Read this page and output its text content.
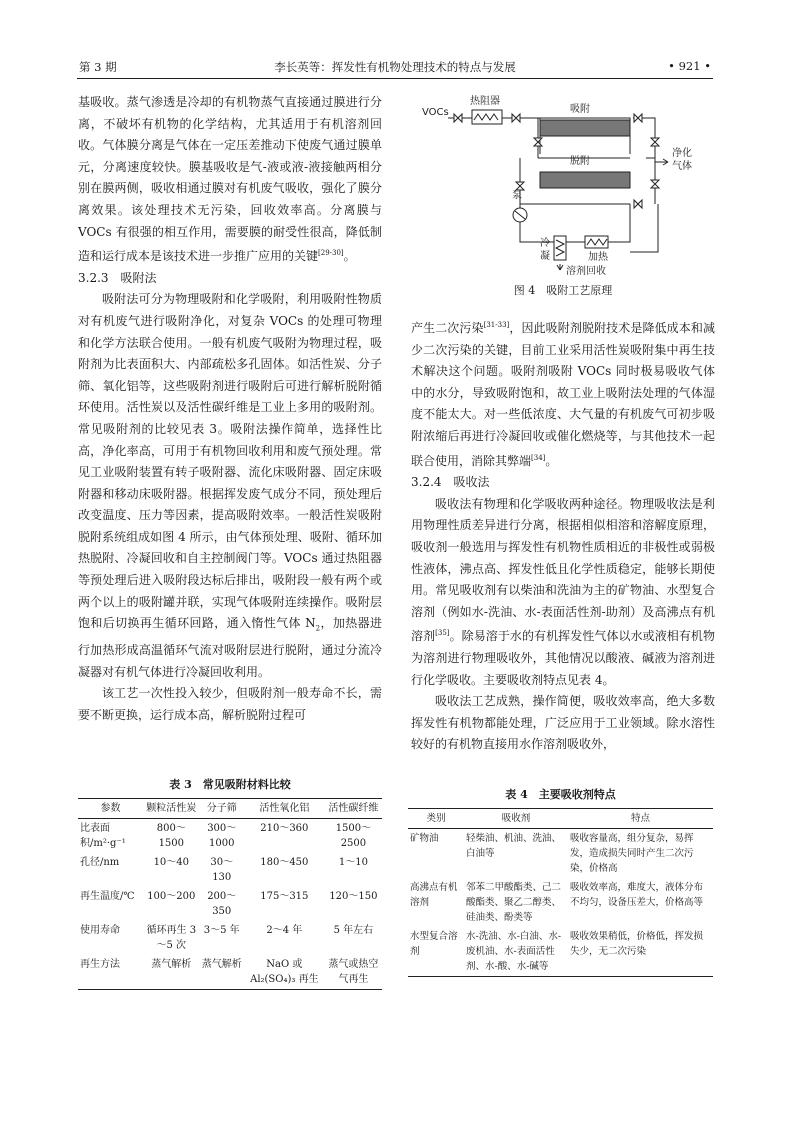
第 3 期	李长英等：挥发性有机物处理技术的特点与发展	• 921 •

基吸收。蒸气渗透是冷却的有机物蒸气直接通过膜进行分离，不破坏有机物的化学结构，尤其适用于有机溶剂回收。气体膜分离是气体在一定压差推动下使废气通过膜单元，分离速度较快。膜基吸收是气-液或液-液接触两相分别在膜两侧，吸收相通过膜对有机废气吸收，强化了膜分离效果。该处理技术无污染，回收效率高。分离膜与 VOCs 有很强的相互作用，需要膜的耐受性很高，降低制造和运行成本是该技术进一步推广应用的关键[29-30]。

3.2.3　吸附法

吸附法可分为物理吸附和化学吸附，利用吸附性物质对有机废气进行吸附净化，对复杂 VOCs 的处理可物理和化学方法联合使用。一般有机废气吸附为物理过程，吸附剂为比表面积大、内部疏松多孔固体。如活性炭、分子筛、氧化铝等，这些吸附剂进行吸附后可进行解析脱附循环使用。活性炭以及活性碳纤维是工业上多用的吸附剂。常见吸附剂的比较见表 3。吸附法操作简单，选择性比高，净化率高，可用于有机物回收利用和废气预处理。常见工业吸附装置有转子吸附器、流化床吸附器、固定床吸附器和移动床吸附器。根据挥发废气成分不同，预处理后改变温度、压力等因素，提高吸附效率。一般活性炭吸附脱附系统组成如图 4 所示，由气体预处理、吸附、循环加热脱附、冷凝回收和自主控制阀门等。VOCs 通过热阻器等预处理后进入吸附段达标后排出，吸附段一般有两个或两个以上的吸附罐并联，实现气体吸附连续操作。吸附层饱和后切换再生循环回路，通入惰性气体 $N_2$，加热器进行加热形成高温循环气流对吸附层进行脱附，通过分流冷凝器对有机气体进行冷凝回收利用。

该工艺一次性投入较少，但吸附剂一般寿命不长，需要不断更换，运行成本高，解析脱附过程可

VOCs
热阻器
吸附
脱附
净化
气体
泵
加热
冷
凝
溶剂回收
图 4　吸附工艺原理

产生二次污染[31-33]，因此吸附剂脱附技术是降低成本和减少二次污染的关键，目前工业采用活性炭吸附集中再生技术解决这个问题。吸附剂吸附 VOCs 同时极易吸收气体中的水分，导致吸附饱和，故工业上吸附法处理的气体湿度不能太大。对一些低浓度、大气量的有机废气可初步吸附浓缩后再进行冷凝回收或催化燃烧等，与其他技术一起联合使用，消除其弊端[34]。

3.2.4　吸收法

吸收法有物理和化学吸收两种途径。物理吸收法是利用物理性质差异进行分离，根据相似相溶和溶解度原理，吸收剂一般选用与挥发性有机物性质相近的非极性或弱极性液体，沸点高、挥发性低且化学性质稳定，能够长期使用。常见吸收剂有以柴油和洗油为主的矿物油、水型复合溶剂（例如水-洗油、水-表面活性剂-助剂）及高沸点有机溶剂[35]。除易溶于水的有机挥发性气体以水或液相有机物为溶剂进行物理吸收外，其他情况以酸液、碱液为溶剂进行化学吸收。主要吸收剂特点见表 4。

吸收法工艺成熟，操作简便，吸收效率高，绝大多数挥发性有机物都能处理，广泛应用于工业领域。除水溶性较好的有机物直接用水作溶剂吸收外，

表 3　常见吸附材料比较
参数	颗粒活性炭	分子筛	活性氧化铝	活性碳纤维
比表面积/m²·g⁻¹	800～1500	300～1000	210～360	1500～2500
孔径/nm	10～40	30～130	180～450	1～10
再生温度/℃	100～200	200～350	175～315	120～150
使用寿命	循环再生 3～5 次	3～5 年	2～4 年	5 年左右
再生方法	蒸气解析	蒸气解析	NaO 或 Al₂(SO₄)₃ 再生	蒸气或热空气再生
表 4　主要吸收剂特点
类别	吸收剂	特点
矿物油	轻柴油、机油、洗油、白油等	吸收容量高，组分复杂，易挥发，造成损失同时产生二次污染，价格高
高沸点有机溶剂	邻苯二甲酸酯类、己二酸酯类、聚乙二醇类、硅油类、酚类等	吸收效率高，难度大，液体分布不均匀，设备压差大，价格高等
水型复合溶剂	水-洗油、水-白油、水-废机油、水-表面活性剂、水-酸、水-碱等	吸收效果稍低，价格低，挥发损失少，无二次污染
